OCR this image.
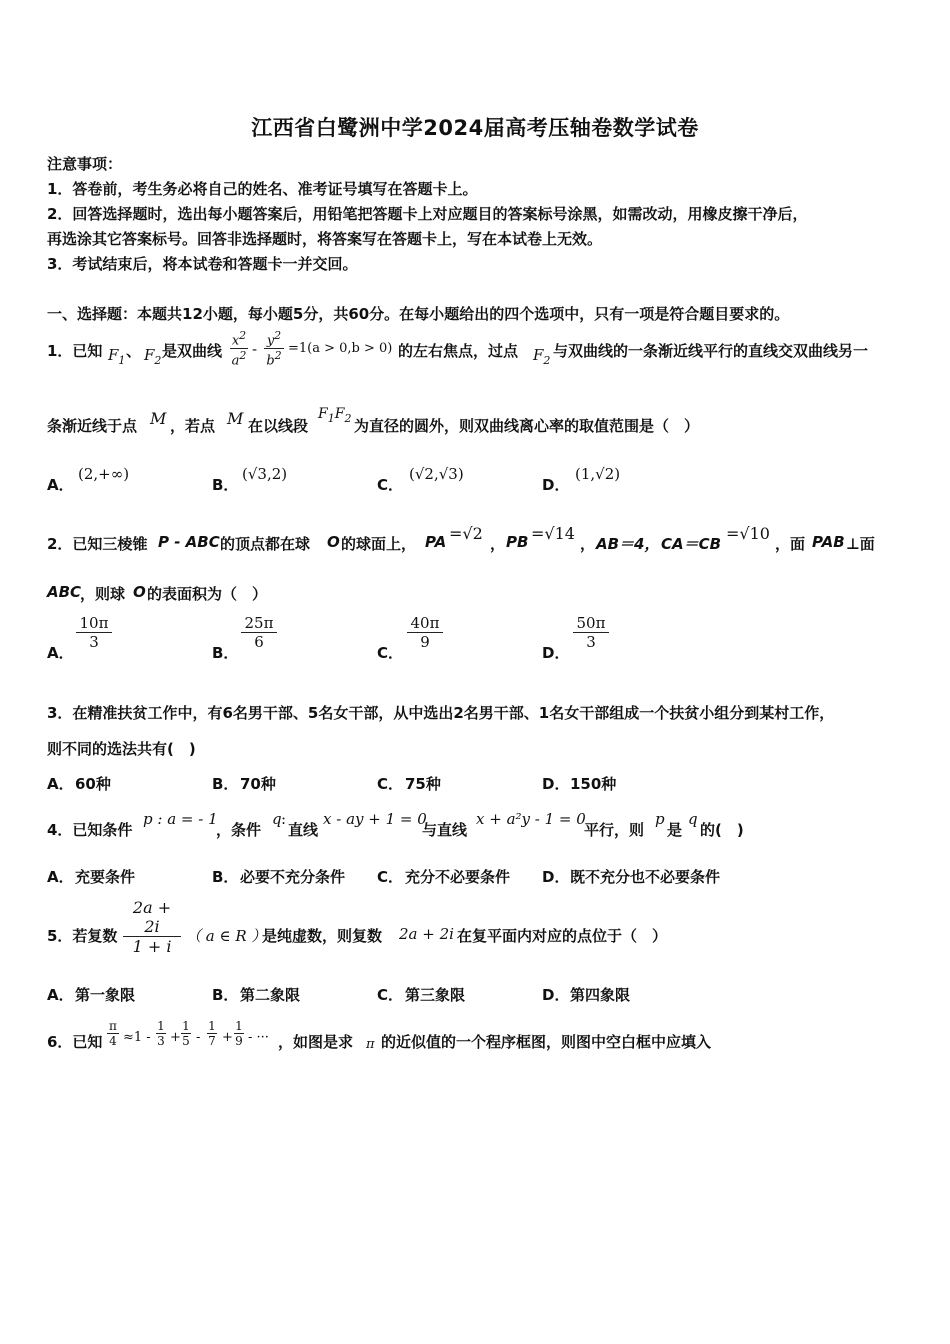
江西省白鹭洲中学2024届高考压轴卷数学试卷
注意事项：
1．答卷前，考生务必将自己的姓名、准考证号填写在答题卡上。
2．回答选择题时，选出每小题答案后，用铅笔把答题卡上对应题目的答案标号涂黑，如需改动，用橡皮擦干净后，
再选涂其它答案标号。回答非选择题时，将答案写在答题卡上，写在本试卷上无效。
3．考试结束后，将本试卷和答题卡一并交回。
一、选择题：本题共12小题，每小题5分，共60分。在每小题给出的四个选项中，只有一项是符合题目要求的。
1．已知 $F_1$
、 $F_2$
是双曲线
$x^2$
$a^2 - y^2$
$b^2 =1(a > 0,b > 0)$ 的左右焦点，过点 $F_2$
与双曲线的一条渐近线平行的直线交双曲线另一
条渐近线于点 M ，若点 M 在以线段
$F_1F_2$ 为直径的圆外，则双曲线离心率的取值范围是（　）
A．
(2,+∞)
B．
(√3,2)
C．
(√2,√3)
D．
(1,√2)
2．已知三棱锥 P - ABC 的顶点都在球 O 的球面上， PA =√2
， PB =√14
， AB＝4， CA＝CB
=√10
，面 PAB ⊥面
ABC
，则球 O 的表面积为（　）
A．
10π
3
B．
25π
6
C．
40π
9
D．
50π
3
3．在精准扶贫工作中，有6名男干部、5名女干部，从中选出2名男干部、1名女干部组成一个扶贫小组分到某村工作，
则不同的选法共有(　)
A． 60种	B． 70种	C． 75种	D． 150种
4．已知条件
p : a = - 1
，条件
q :
直线
x - ay + 1 = 0
与直线
x + a²y - 1 = 0
平行，则
p
是
q
的(　)
A． 充要条件	B． 必要不充分条件 C． 充分不必要条件 D． 既不充分也不必要条件
5．若复数
2a + 2i
1 + i
（ a ∈ R ）
是纯虚数，则复数 2a + 2i 在复平面内对应的点位于（　）
A． 第一象限	B． 第二象限	C． 第三象限	D． 第四象限
6．已知
π
4 ≈1 -
1
3 +
1
5 -
1
7 +
1
9 - ··· ，如图是求 π 的近似值的一个程序框图，则图中空白框中应填入
